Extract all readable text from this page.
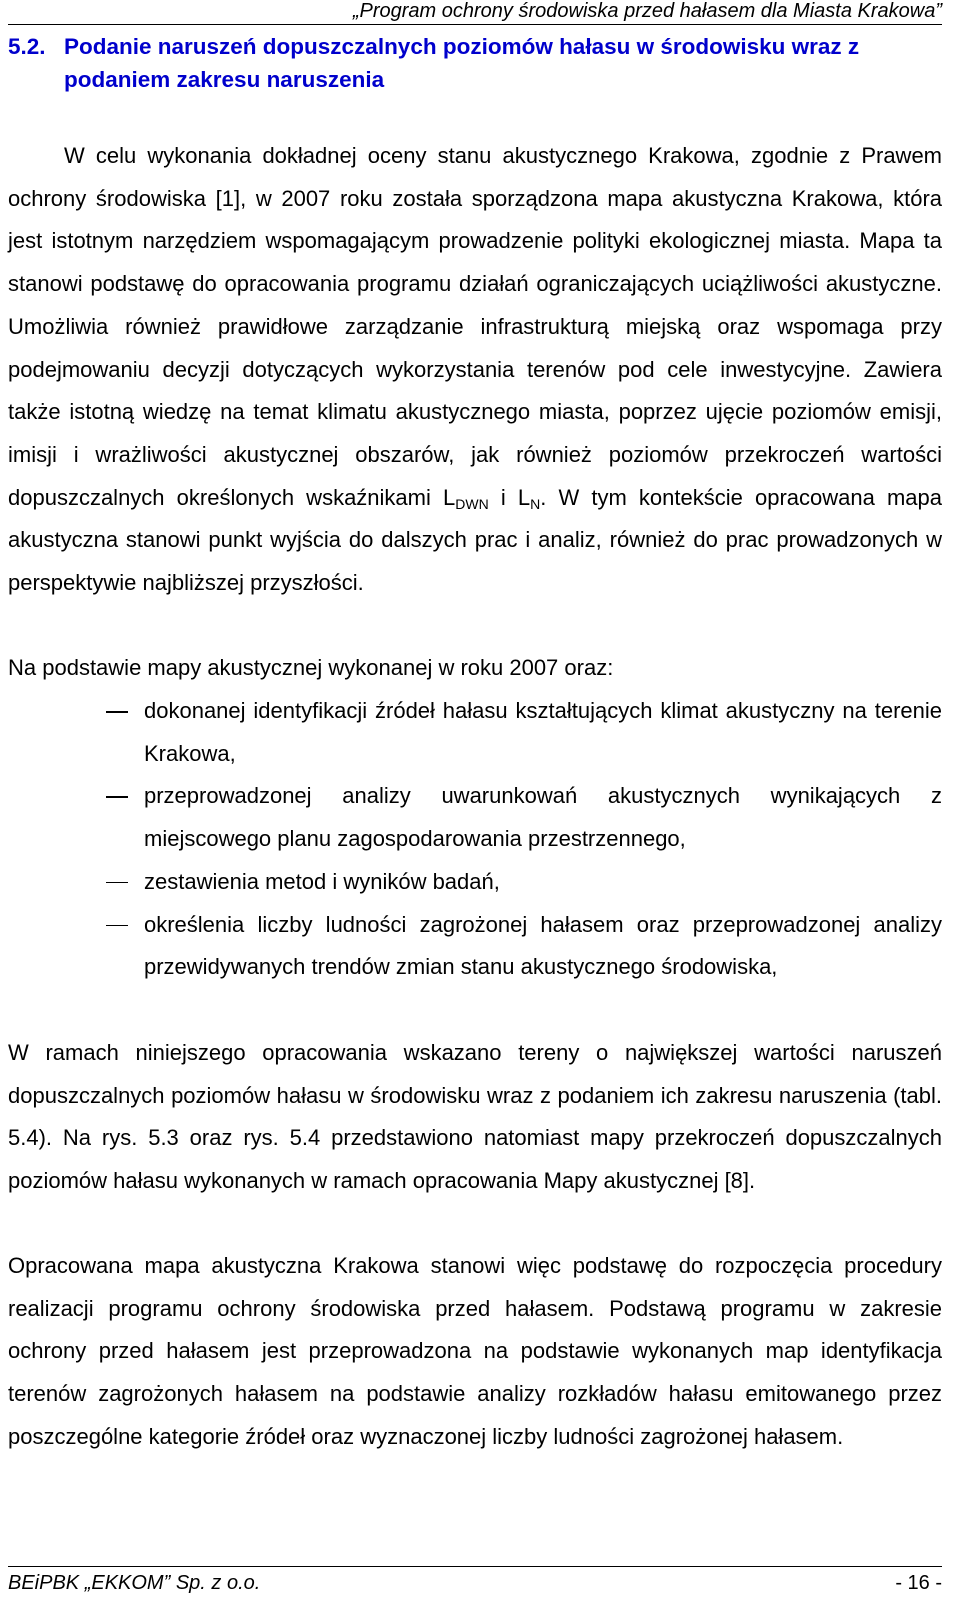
„Program ochrony środowiska przed hałasem dla Miasta Krakowa”
5.2. Podanie naruszeń dopuszczalnych poziomów hałasu w środowisku wraz z podaniem zakresu naruszenia

W celu wykonania dokładnej oceny stanu akustycznego Krakowa, zgodnie z Prawem ochrony środowiska [1], w 2007 roku została sporządzona mapa akustyczna Krakowa, która jest istotnym narzędziem wspomagającym prowadzenie polityki ekologicznej miasta. Mapa ta stanowi podstawę do opracowania programu działań ograniczających uciążliwości akustyczne. Umożliwia również prawidłowe zarządzanie infrastrukturą miejską oraz wspomaga przy podejmowaniu decyzji dotyczących wykorzystania terenów pod cele inwestycyjne. Zawiera także istotną wiedzę na temat klimatu akustycznego miasta, poprzez ujęcie poziomów emisji, imisji i wrażliwości akustycznej obszarów, jak również poziomów przekroczeń wartości dopuszczalnych określonych wskaźnikami $L_{DWN}$ i $L_N$. W tym kontekście opracowana mapa akustyczna stanowi punkt wyjścia do dalszych prac i analiz, również do prac prowadzonych w perspektywie najbliższej przyszłości.

Na podstawie mapy akustycznej wykonanej w roku 2007 oraz:

dokonanej identyfikacji źródeł hałasu kształtujących klimat akustyczny na terenie Krakowa,
przeprowadzonej analizy uwarunkowań akustycznych wynikających z miejscowego planu zagospodarowania przestrzennego,
zestawienia metod i wyników badań,
określenia liczby ludności zagrożonej hałasem oraz przeprowadzonej analizy przewidywanych trendów zmian stanu akustycznego środowiska,

W ramach niniejszego opracowania wskazano tereny o największej wartości naruszeń dopuszczalnych poziomów hałasu w środowisku wraz z podaniem ich zakresu naruszenia (tabl. 5.4). Na rys. 5.3 oraz rys. 5.4 przedstawiono natomiast mapy przekroczeń dopuszczalnych poziomów hałasu wykonanych w ramach opracowania Mapy akustycznej [8].

Opracowana mapa akustyczna Krakowa stanowi więc podstawę do rozpoczęcia procedury realizacji programu ochrony środowiska przed hałasem. Podstawą programu w zakresie ochrony przed hałasem jest przeprowadzona na podstawie wykonanych map identyfikacja terenów zagrożonych hałasem na podstawie analizy rozkładów hałasu emitowanego przez poszczególne kategorie źródeł oraz wyznaczonej liczby ludności zagrożonej hałasem.

BEiPBK „EKKOM” Sp. z o.o.	- 16 -
